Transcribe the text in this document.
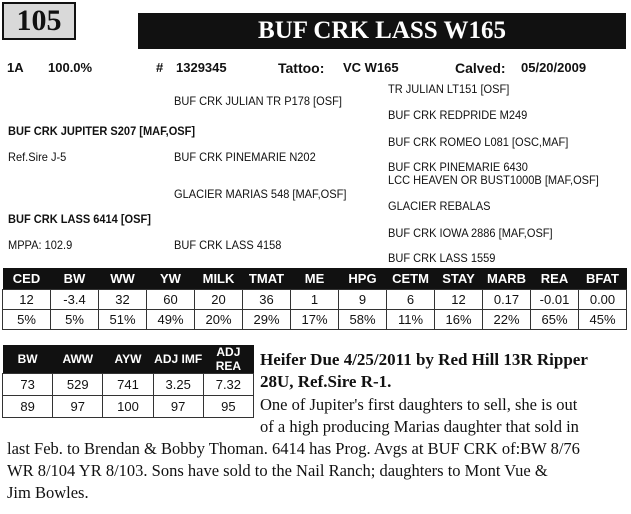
105	BUF CRK LASS W165
1A 100.0%	# 1329345	Tattoo: VC W165	Calved: 05/20/2009
BUF CRK JULIAN TR P178 [OSF]
BUF CRK JUPITER S207 [MAF,OSF]
Ref.Sire J-5	BUF CRK PINEMARIE N202
GLACIER MARIAS 548 [MAF,OSF]
BUF CRK LASS 6414 [OSF]
MPPA: 102.9	BUF CRK LASS 4158
TR JULIAN LT151 [OSF]
BUF CRK REDPRIDE M249
BUF CRK ROMEO L081 [OSC,MAF]
BUF CRK PINEMARIE 6430
LCC HEAVEN OR BUST1000B [MAF,OSF]
GLACIER REBALAS
BUF CRK IOWA 2886 [MAF,OSF]
BUF CRK LASS 1559
CED	BW	WW	YW	MILK	TMAT	ME	HPG	CETM	STAY	MARB	REA	BFAT
12	-3.4	32	60	20	36	1	9	6	12	0.17	-0.01	0.00
5%	5%	51%	49%	20%	29%	17%	58%	11%	16%	22%	65%	45%
BW	AWW	AYW	ADJ IMF	ADJ REA
73	529	741	3.25	7.32
89	97	100	97	95
Heifer Due 4/25/2011 by Red Hill 13R Ripper
28U, Ref.Sire R-1.
One of Jupiter's first daughters to sell, she is out
of a high producing Marias daughter that sold in
last Feb. to Brendan & Bobby Thoman. 6414 has Prog. Avgs at BUF CRK of:BW 8/76
WR 8/104 YR 8/103. Sons have sold to the Nail Ranch; daughters to Mont Vue &
Jim Bowles.
